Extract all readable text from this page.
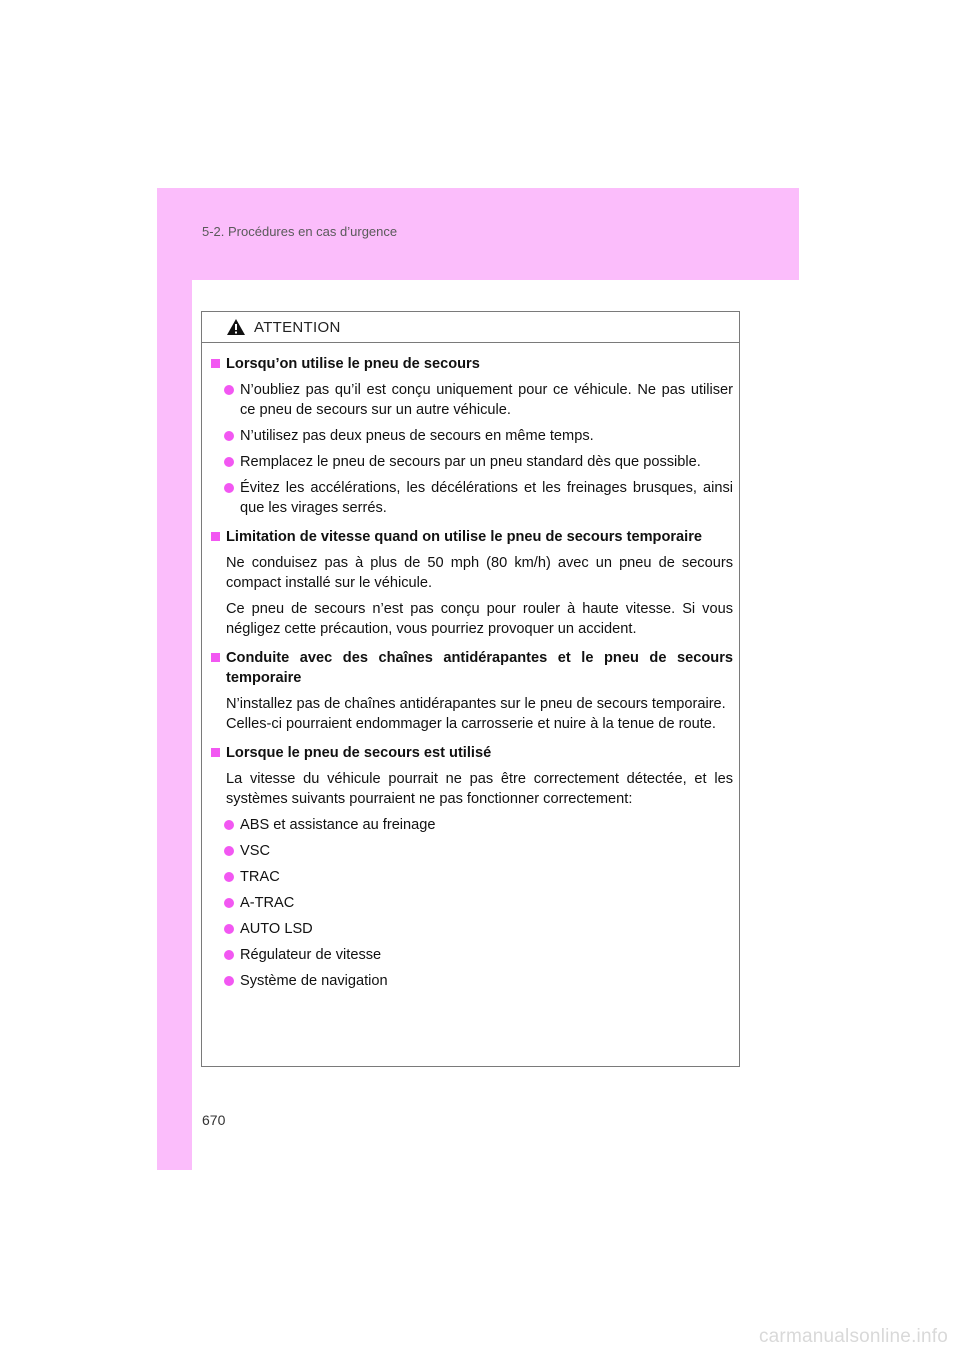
5-2. Procédures en cas d’urgence
ATTENTION
Lorsqu’on utilise le pneu de secours
N’oubliez pas qu’il est conçu uniquement pour ce véhicule. Ne pas utiliser ce pneu de secours sur un autre véhicule.
N’utilisez pas deux pneus de secours en même temps.
Remplacez le pneu de secours par un pneu standard dès que possible.
Évitez les accélérations, les décélérations et les freinages brusques, ainsi que les virages serrés.
Limitation de vitesse quand on utilise le pneu de secours temporaire
Ne conduisez pas à plus de 50 mph (80 km/h) avec un pneu de secours compact installé sur le véhicule.
Ce pneu de secours n’est pas conçu pour rouler à haute vitesse. Si vous négligez cette précaution, vous pourriez provoquer un accident.
Conduite avec des chaînes antidérapantes et le pneu de secours temporaire
N’installez pas de chaînes antidérapantes sur le pneu de secours temporaire.
Celles-ci pourraient endommager la carrosserie et nuire à la tenue de route.
Lorsque le pneu de secours est utilisé
La vitesse du véhicule pourrait ne pas être correctement détectée, et les systèmes suivants pourraient ne pas fonctionner correctement:
ABS et assistance au freinage
VSC
TRAC
A-TRAC
AUTO LSD
Régulateur de vitesse
Système de navigation
670
carmanualsonline.info
